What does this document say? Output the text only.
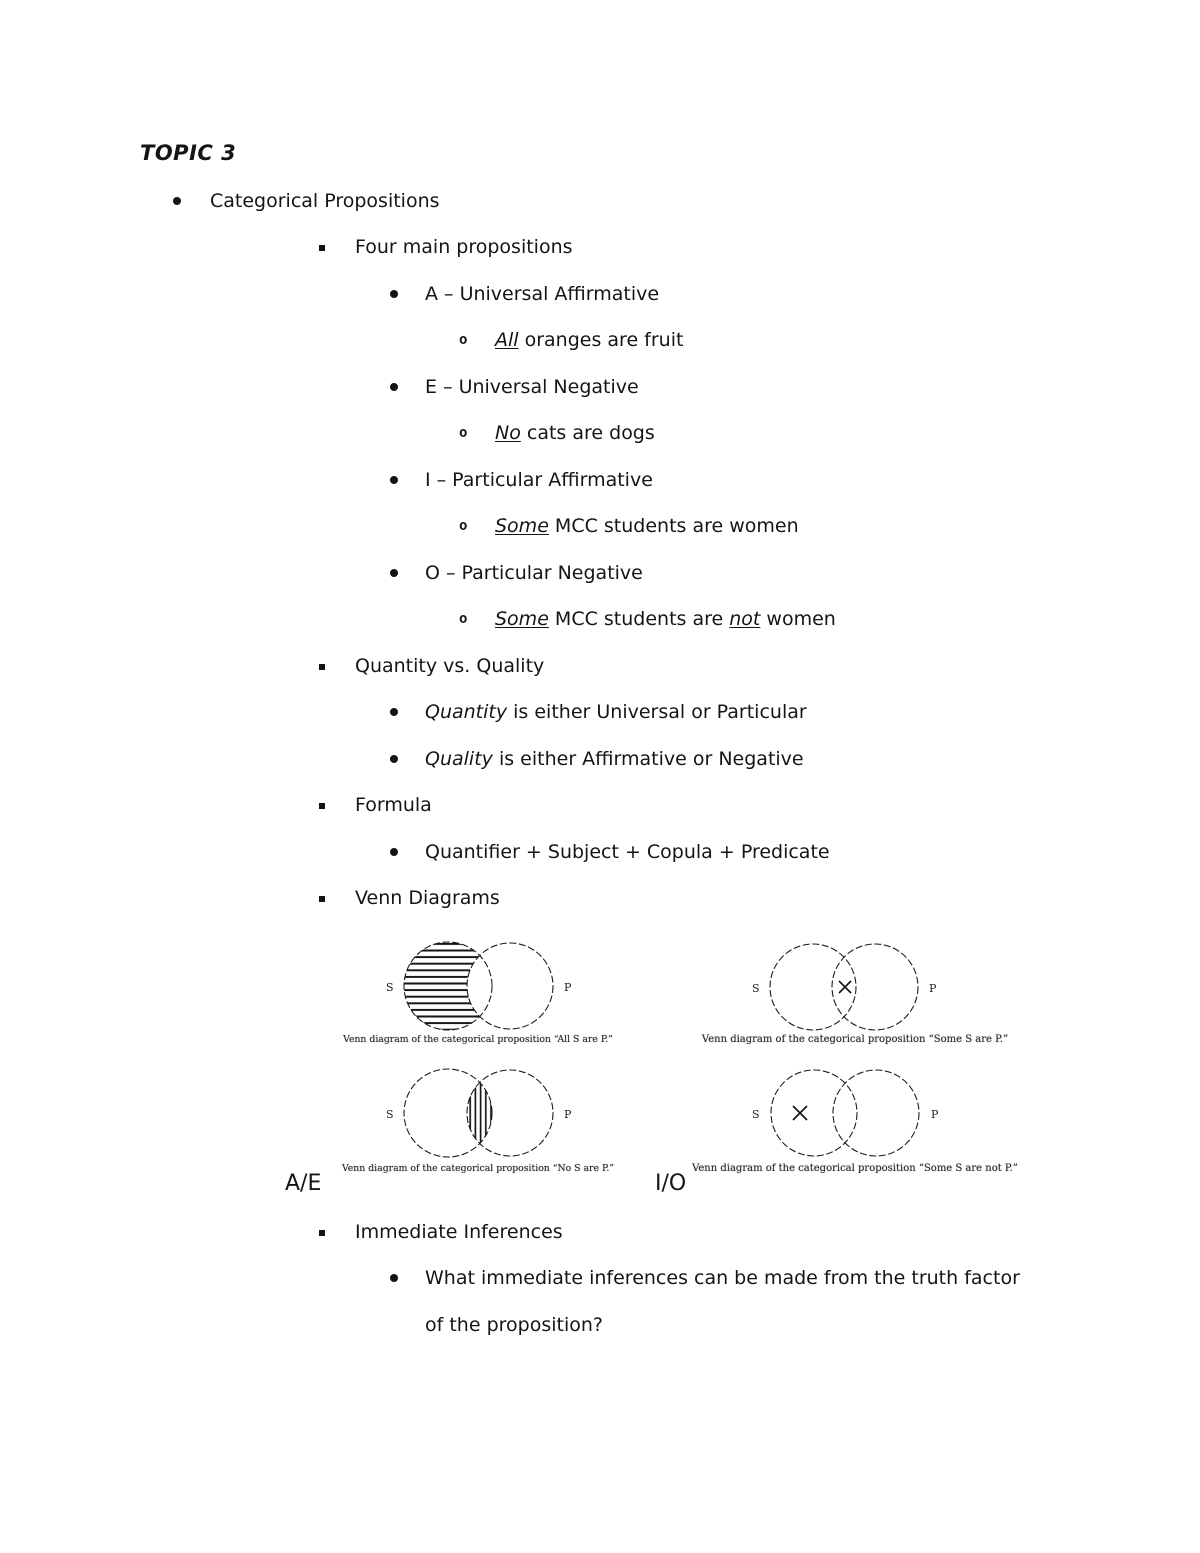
TOPIC 3
Categorical Propositions
Four main propositions
A – Universal Affirmative
o	All oranges are fruit
E – Universal Negative
o	No cats are dogs
I – Particular Affirmative
o	Some MCC students are women
O – Particular Negative
o	Some MCC students are not women
Quantity vs. Quality
Quantity is either Universal or Particular
Quality is either Affirmative or Negative
Formula
Quantifier + Subject + Copula + Predicate
Venn Diagrams
S	P
Venn diagram of the categorical proposition “All S are P.”
S	P
Venn diagram of the categorical proposition “Some S are P.”
S	P
Venn diagram of the categorical proposition “No S are P.”
S	P
Venn diagram of the categorical proposition “Some S are not P.”
A/E	I/O
Immediate Inferences
What immediate inferences can be made from the truth factor
of the proposition?
